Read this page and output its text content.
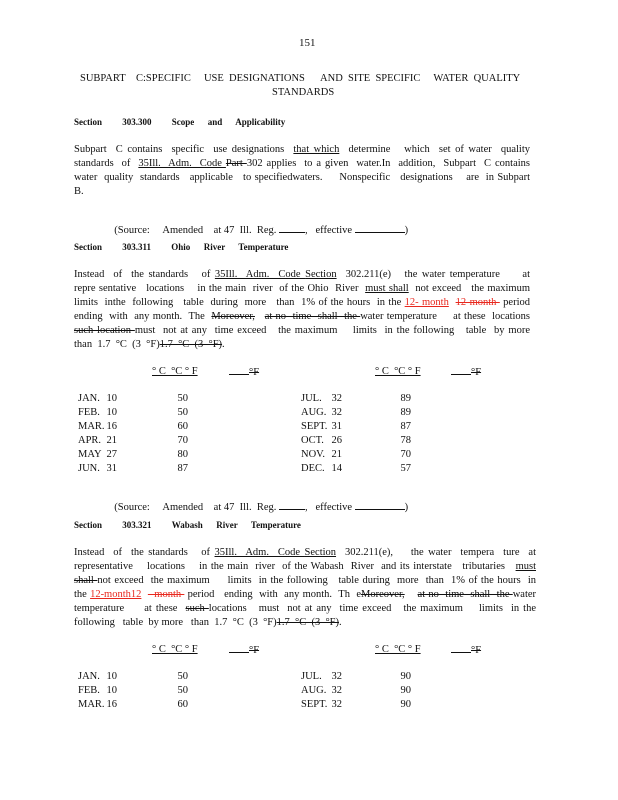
151
SUBPART    C:SPECIFIC     USE  DESIGNATIONS      AND  SITE  SPECIFIC     WATER  QUALITY
STANDARDS
Section 303.300 Scope      and      Applicability
Subpart  C contains  specific  use designations  that which  determine   which  set of water  quality
standards  of  35Ill.  Adm.  Code Part 302 applies  to a given  water.In  addition,  Subpart  C contains
water  quality  standards   applicable   to specifiedwaters.     Nonspecific   designations    are  in Subpart
B.

(Source:     Amended    at 47  Ill.  Reg. ,   effective	)

Section 303.311 Ohio      River      Temperature
Instead  of  the standards   of 35Ill.  Adm.  Code Section  302.211(e)   the water temperature     at
repre sentative   locations    in the main  river  of the Ohio  River  must shall  not exceed   the maximum
limits  inthe  following   table  during  more   than  1% of the hours  in the 12- month 12-month  period
ending  with  any month.  The  Moreover, at no  time  shall  the water temperature     at these  locations
such location must  not at any  time exceed   the maximum    limits  in the following   table  by more
than  1.7  °C  (3  °F)1.7  °C  (3  °F).
° C  °C ° F	°F	° C  °C ° F	°F
JAN. 10	50
FEB. 10	50
MAR. 16	60
APR. 21	70
MAY 27	80
JUN. 31	87
JUL. 32	89
AUG. 32	89
SEPT. 31	87
OCT. 26	78
NOV. 21	70
DEC. 14	57

(Source:     Amended    at 47  Ill.  Reg. ,   effective	)

Section 303.321 Wabash      River      Temperature
Instead  of  the standards   of 35Ill.  Adm.  Code Section  302.211(e),    the water  tempera  ture  at
representative    locations    in the main  river  of the Wabash  River  and its interstate   tributaries   must
shall not exceed  the maximum     limits  in the following   table during  more  than  1% of the hours  in
the 12-month12    month  period   ending  with  any month.  Th  eMoreover, at no  time  shall  the water
temperature     at these  such locations   must  not at any  time exceed   the maximum    limits  in the
following   table  by more   than  1.7  °C  (3  °F)1.7  °C  (3  °F).
° C  °C ° F	°F	° C  °C ° F	°F
JAN. 10	50
FEB. 10	50
MAR. 16	60
JUL. 32	90
AUG. 32	90
SEPT. 32	90
